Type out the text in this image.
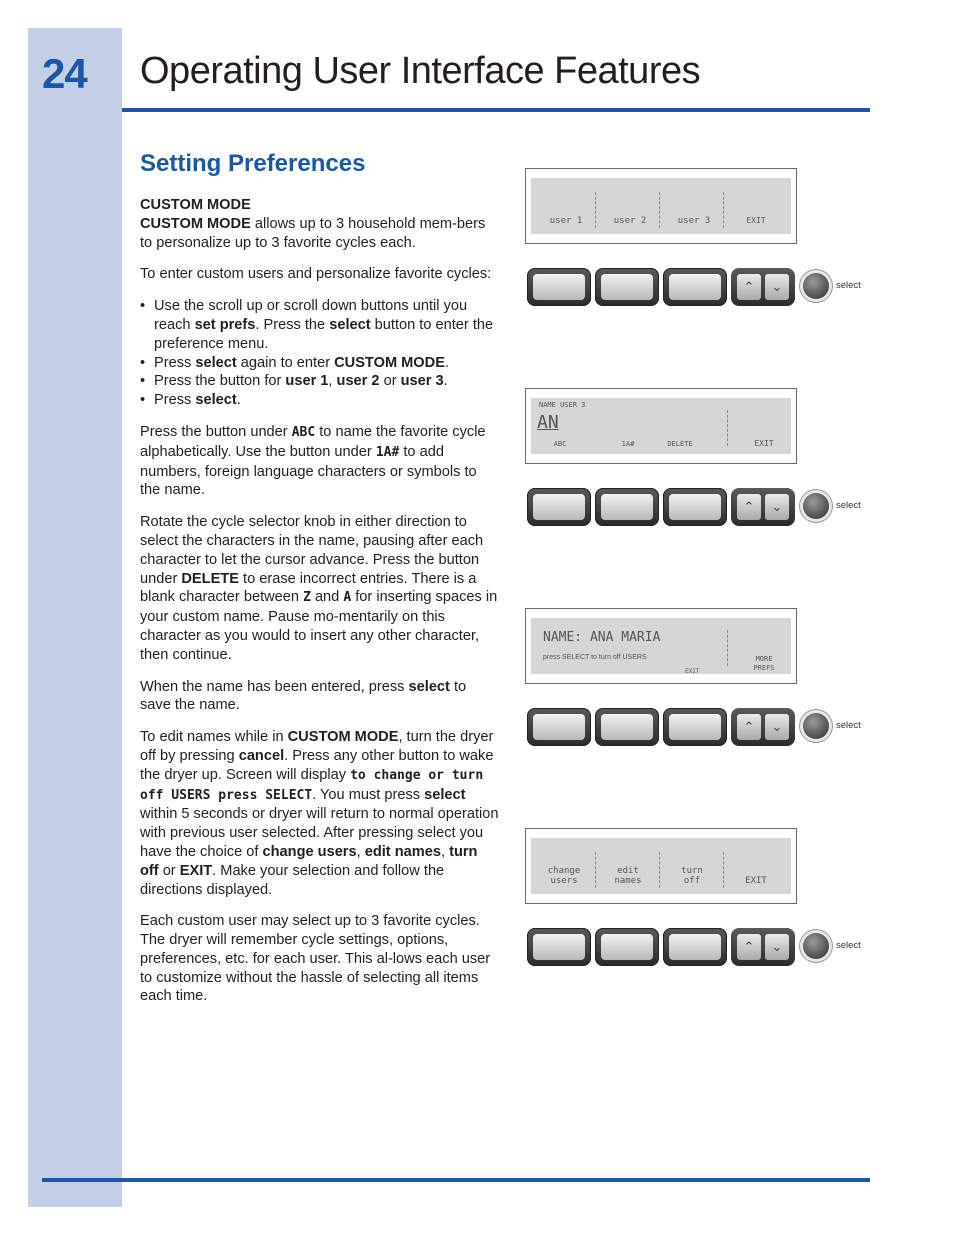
24 Operating User Interface Features
Setting Preferences

CUSTOM MODE
CUSTOM MODE allows up to 3 household mem-bers to personalize up to 3 favorite cycles each.

To enter custom users and personalize favorite cycles:

• Use the scroll up or scroll down buttons until you reach set prefs. Press the select button to enter the preference menu.
• Press select again to enter CUSTOM MODE.
• Press the button for user 1, user 2 or user 3.
• Press select.

Press the button under ABC to name the favorite cycle alphabetically. Use the button under 1A# to add numbers, foreign language characters or symbols to the name.

Rotate the cycle selector knob in either direction to select the characters in the name, pausing after each character to let the cursor advance. Press the button under DELETE to erase incorrect entries. There is a blank character between Z and A for inserting spaces in your custom name. Pause mo-mentarily on this character as you would to insert any other character, then continue.

When the name has been entered, press select to save the name.

To edit names while in CUSTOM MODE, turn the dryer off by pressing cancel. Press any other button to wake the dryer up. Screen will display to change or turn off USERS press SELECT. You must press select within 5 seconds or dryer will return to normal operation with previous user selected. After pressing select you have the choice of change users, edit names, turn off or EXIT. Make your selection and follow the directions displayed.

Each custom user may select up to 3 favorite cycles. The dryer will remember cycle settings, options, preferences, etc. for each user. This al-lows each user to customize without the hassle of selecting all items each time.

user 1	user 2	user 3	EXIT
⌃	⌄	select
NAME USER 3
AN
ABC	1A#	DELETE	EXIT
⌃	⌄	select
NAME: ANA MARIA
press SELECT to turn off USERS
EXIT
MORE
PREFS
⌃	⌄	select
change
users
edit
names
turn
off	EXIT
⌃	⌄	select
